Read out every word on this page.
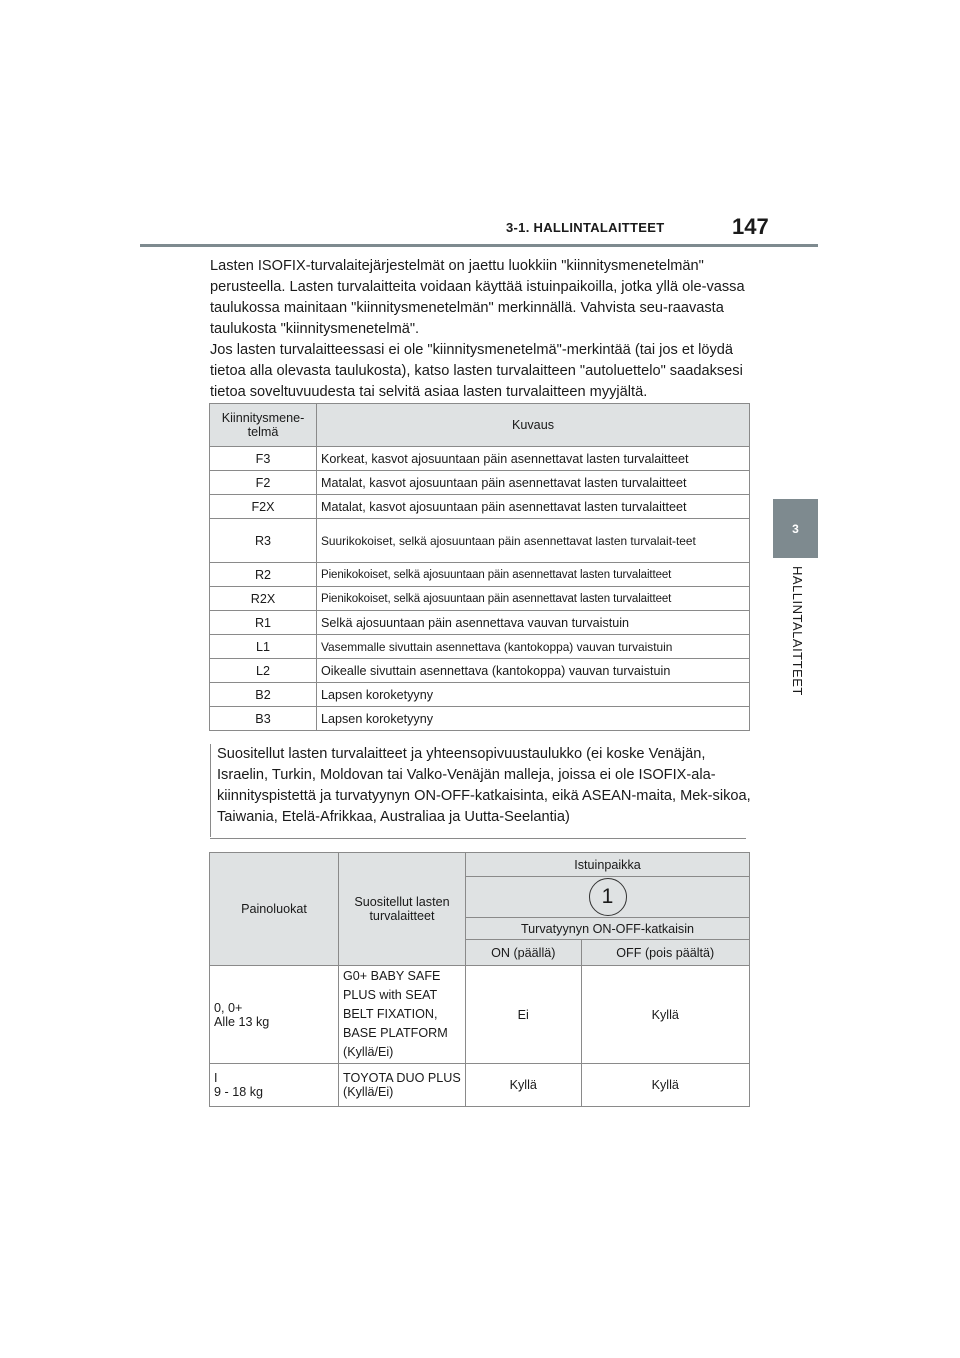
3-1. HALLINTALAITTEET	147
3
HALLINTALAITTEET

Lasten ISOFIX-turvalaitejärjestelmät on jaettu luokkiin "kiinnitysmenetelmän" perusteella. Lasten turvalaitteita voidaan käyttää istuinpaikoilla, jotka yllä ole-vassa taulukossa mainitaan "kiinnitysmenetelmän" merkinnällä. Vahvista seu-raavasta taulukosta "kiinnitysmenetelmä".

Jos lasten turvalaitteessasi ei ole "kiinnitysmenetelmä"-merkintää (tai jos et löydä tietoa alla olevasta taulukosta), katso lasten turvalaitteen "autoluettelo" saadaksesi tietoa soveltuvuudesta tai selvitä asiaa lasten turvalaitteen myyjältä.

Kiinnitysmene-telmä	Kuvaus
F3	Korkeat, kasvot ajosuuntaan päin asennettavat lasten turvalaitteet
F2	Matalat, kasvot ajosuuntaan päin asennettavat lasten turvalaitteet
F2X	Matalat, kasvot ajosuuntaan päin asennettavat lasten turvalaitteet
R3	Suurikokoiset, selkä ajosuuntaan päin asennettavat lasten turvalait-teet
R2	Pienikokoiset, selkä ajosuuntaan päin asennettavat lasten turvalaitteet
R2X	Pienikokoiset, selkä ajosuuntaan päin asennettavat lasten turvalaitteet
R1	Selkä ajosuuntaan päin asennettava vauvan turvaistuin
L1	Vasemmalle sivuttain asennettava (kantokoppa) vauvan turvaistuin
L2	Oikealle sivuttain asennettava (kantokoppa) vauvan turvaistuin
B2	Lapsen koroketyyny
B3	Lapsen koroketyyny
Suositellut lasten turvalaitteet ja yhteensopivuustaulukko (ei koske Venäjän, Israelin, Turkin, Moldovan tai Valko-Venäjän malleja, joissa ei ole ISOFIX-ala-kiinnityspistettä ja turvatyynyn ON-OFF-katkaisinta, eikä ASEAN-maita, Mek-sikoa, Taiwania, Etelä-Afrikkaa, Australiaa ja Uutta-Seelantia)
Painoluokat	Suositellut lasten turvalaitteet	Istuinpaikka	
		1	
		Turvatyynyn ON-OFF-katkaisin	
		ON (päällä)	OFF (pois päältä)

0, 0+
Alle 13 kg	G0+ BABY SAFE PLUS with SEAT BELT FIXATION, BASE PLATFORM (Kyllä/Ei)	Ei	Kyllä

I
9 - 18 kg	TOYOTA DUO PLUS (Kyllä/Ei)	Kyllä	Kyllä
